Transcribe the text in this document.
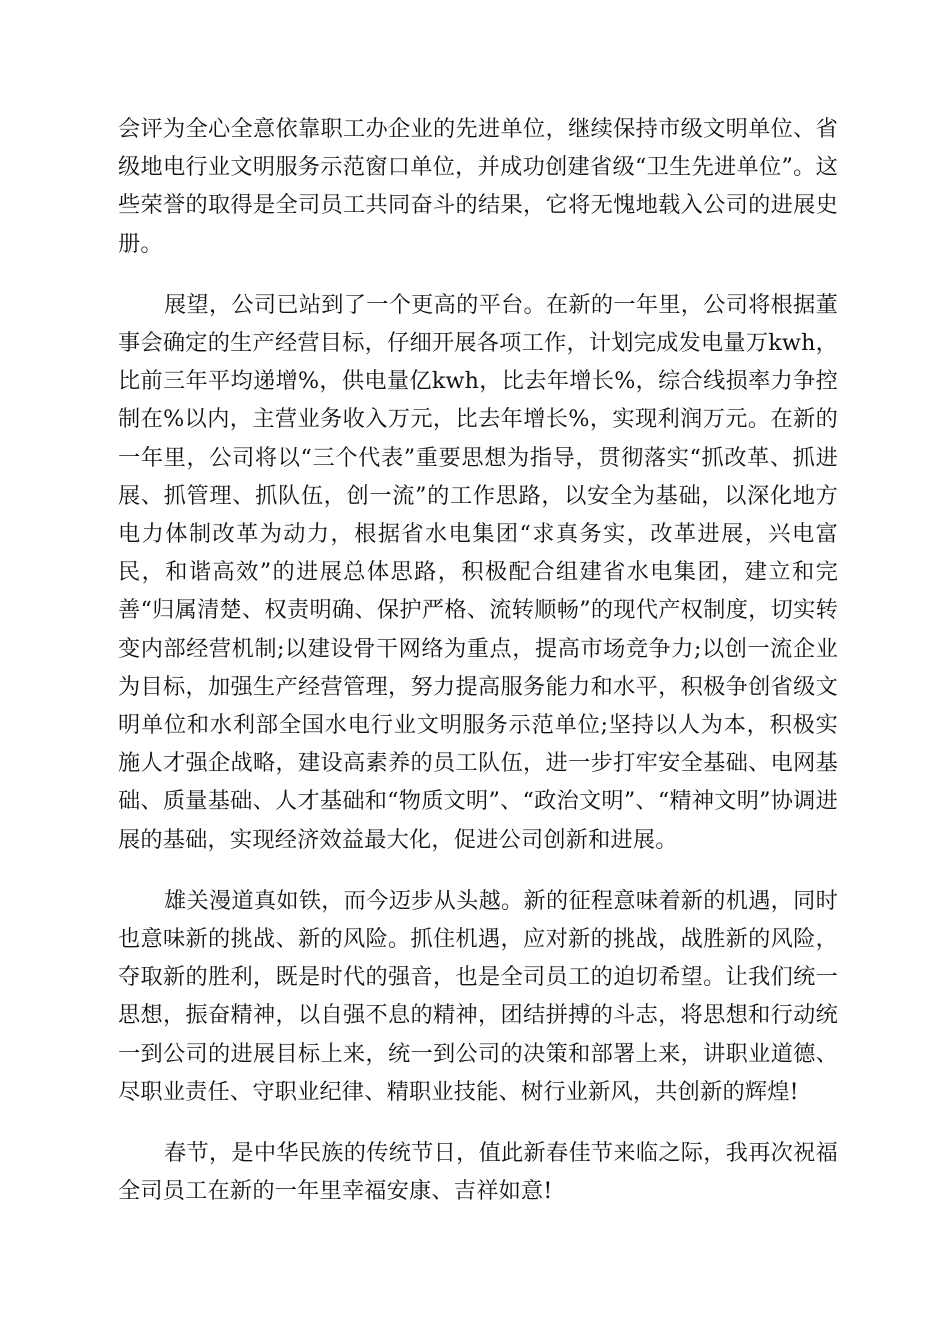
会评为全心全意依靠职工办企业的先进单位，继续保持市级文明单位、省级地电行业文明服务示范窗口单位，并成功创建省级“卫生先进单位”。这些荣誉的取得是全司员工共同奋斗的结果，它将无愧地载入公司的进展史册。

展望，公司已站到了一个更高的平台。在新的一年里，公司将根据董事会确定的生产经营目标，仔细开展各项工作，计划完成发电量万kwh，比前三年平均递增%，供电量亿kwh，比去年增长%，综合线损率力争控制在%以内，主营业务收入万元，比去年增长%，实现利润万元。在新的一年里，公司将以“三个代表”重要思想为指导，贯彻落实“抓改革、抓进展、抓管理、抓队伍，创一流”的工作思路，以安全为基础，以深化地方电力体制改革为动力，根据省水电集团“求真务实，改革进展，兴电富民，和谐高效”的进展总体思路，积极配合组建省水电集团，建立和完善“归属清楚、权责明确、保护严格、流转顺畅”的现代产权制度，切实转变内部经营机制;以建设骨干网络为重点，提高市场竞争力;以创一流企业为目标，加强生产经营管理，努力提高服务能力和水平，积极争创省级文明单位和水利部全国水电行业文明服务示范单位;坚持以人为本，积极实施人才强企战略，建设高素养的员工队伍，进一步打牢安全基础、电网基础、质量基础、人才基础和“物质文明”、“政治文明”、“精神文明”协调进展的基础，实现经济效益最大化，促进公司创新和进展。

雄关漫道真如铁，而今迈步从头越。新的征程意味着新的机遇，同时也意味新的挑战、新的风险。抓住机遇，应对新的挑战，战胜新的风险，夺取新的胜利，既是时代的强音，也是全司员工的迫切希望。让我们统一思想，振奋精神，以自强不息的精神，团结拼搏的斗志，将思想和行动统一到公司的进展目标上来，统一到公司的决策和部署上来，讲职业道德、尽职业责任、守职业纪律、精职业技能、树行业新风，共创新的辉煌!

春节，是中华民族的传统节日，值此新春佳节来临之际，我再次祝福全司员工在新的一年里幸福安康、吉祥如意!
